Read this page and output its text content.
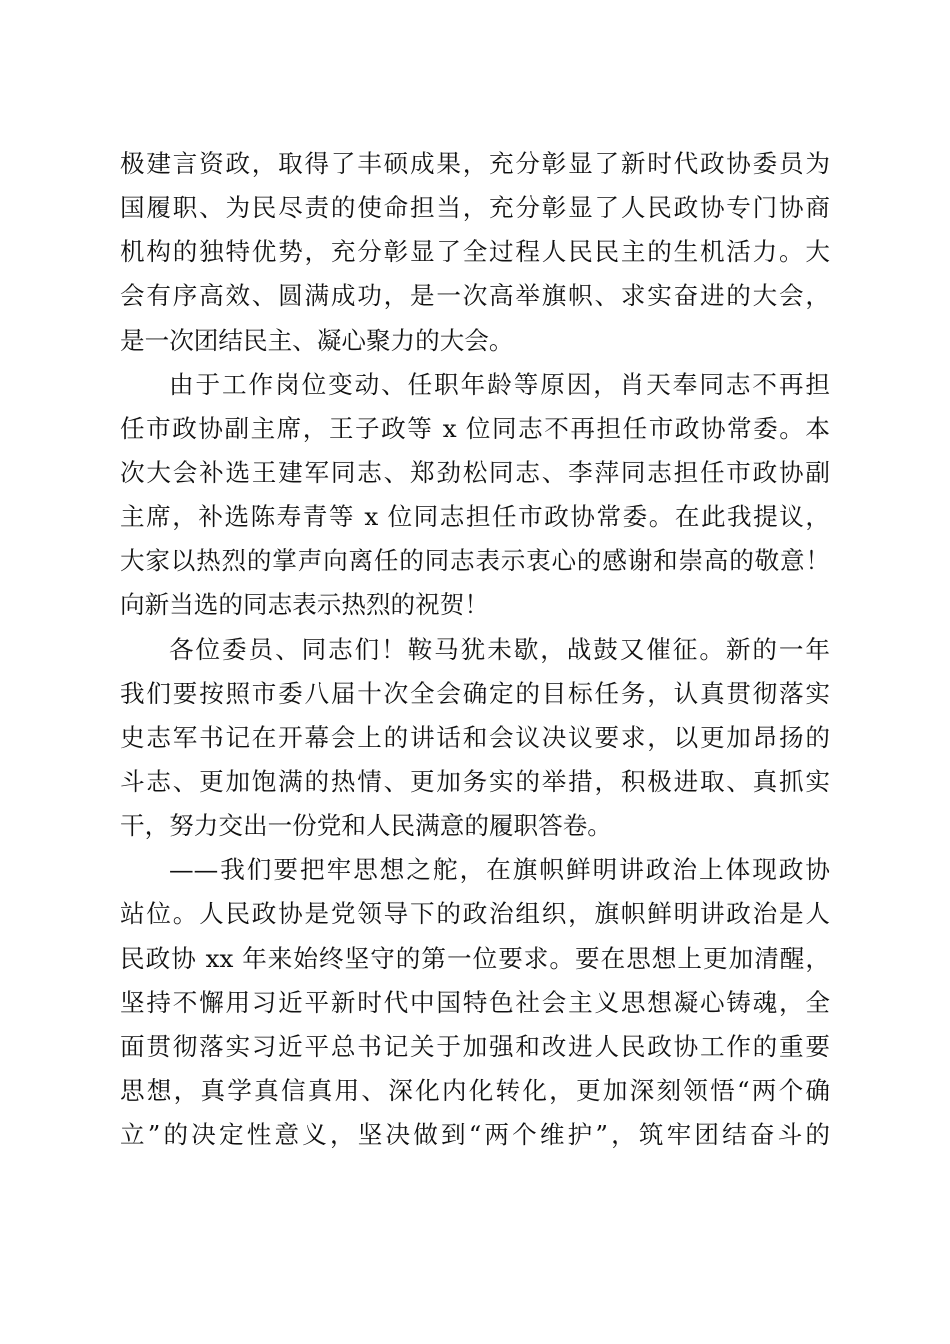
极建言资政，取得了丰硕成果，充分彰显了新时代政协委员为
国履职、为民尽责的使命担当，充分彰显了人民政协专门协商
机构的独特优势，充分彰显了全过程人民民主的生机活力。大
会有序高效、圆满成功，是一次高举旗帜、求实奋进的大会，
是一次团结民主、凝心聚力的大会。
由于工作岗位变动、任职年龄等原因，肖天奉同志不再担
任市政协副主席，王子政等 x 位同志不再担任市政协常委。本
次大会补选王建军同志、郑劲松同志、李萍同志担任市政协副
主席，补选陈寿青等 x 位同志担任市政协常委。在此我提议，
大家以热烈的掌声向离任的同志表示衷心的感谢和崇高的敬意！
向新当选的同志表示热烈的祝贺！
各位委员、同志们！鞍马犹未歇，战鼓又催征。新的一年
我们要按照市委八届十次全会确定的目标任务，认真贯彻落实
史志军书记在开幕会上的讲话和会议决议要求，以更加昂扬的
斗志、更加饱满的热情、更加务实的举措，积极进取、真抓实
干，努力交出一份党和人民满意的履职答卷。
——我们要把牢思想之舵，在旗帜鲜明讲政治上体现政协
站位。人民政协是党领导下的政治组织，旗帜鲜明讲政治是人
民政协 xx 年来始终坚守的第一位要求。要在思想上更加清醒，
坚持不懈用习近平新时代中国特色社会主义思想凝心铸魂，全
面贯彻落实习近平总书记关于加强和改进人民政协工作的重要
思想，真学真信真用、深化内化转化，更加深刻领悟“两个确
立”的决定性意义，坚决做到“两个维护”，筑牢团结奋斗的
